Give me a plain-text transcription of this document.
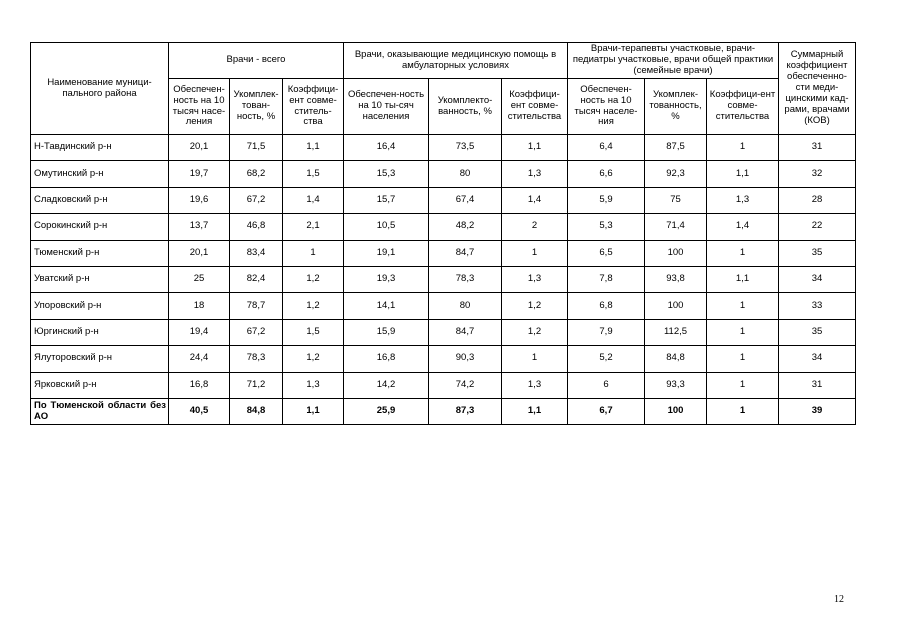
Наименование муници-пального района	Врачи - всего			Врачи, оказывающие медицинскую помощь в амбулаторных условиях			Врачи-терапевты участковые, врачи-педиатры участковые, врачи общей практики (семейные врачи)			Суммарный коэффициент обеспеченно-сти меди-цинскими кад-рами, врачами (КОВ)
	Обеспечен-ность на 10 тысяч насе-ления	Укомплек-тован-ность, %	Коэффици-ент совме-ститель-ства	Обеспечен-ность на 10 ты-сяч населения	Укомплекто-ванность, %	Коэффици-ент совме-стительства	Обеспечен-ность на 10 тысяч населе-ния	Укомплек-тованность, %	Коэффици-ент совме-стительства	
Н-Тавдинский р-н	20,1	71,5	1,1	16,4	73,5	1,1	6,4	87,5	1	31
Омутинский р-н	19,7	68,2	1,5	15,3	80	1,3	6,6	92,3	1,1	32
Сладковский р-н	19,6	67,2	1,4	15,7	67,4	1,4	5,9	75	1,3	28
Сорокинский р-н	13,7	46,8	2,1	10,5	48,2	2	5,3	71,4	1,4	22
Тюменский р-н	20,1	83,4	1	19,1	84,7	1	6,5	100	1	35
Уватский р-н	25	82,4	1,2	19,3	78,3	1,3	7,8	93,8	1,1	34
Упоровский р-н	18	78,7	1,2	14,1	80	1,2	6,8	100	1	33
Юргинский р-н	19,4	67,2	1,5	15,9	84,7	1,2	7,9	112,5	1	35
Ялуторовский р-н	24,4	78,3	1,2	16,8	90,3	1	5,2	84,8	1	34
Ярковский р-н	16,8	71,2	1,3	14,2	74,2	1,3	6	93,3	1	31
По Тюменской области без АО	40,5	84,8	1,1	25,9	87,3	1,1	6,7	100	1	39
12
